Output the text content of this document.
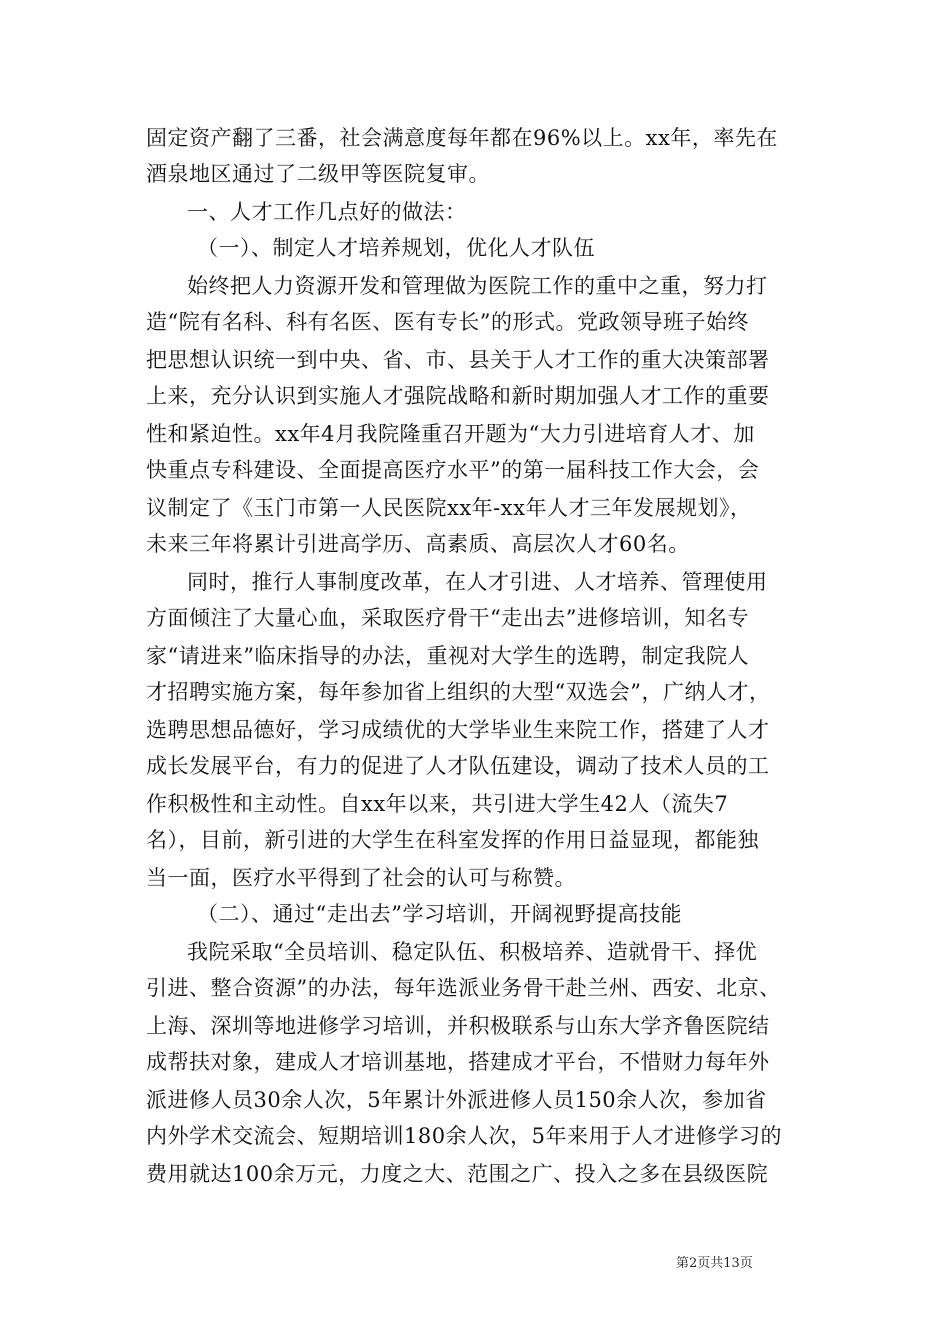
固定资产翻了三番，社会满意度每年都在96%以上。xx年，率先在
酒泉地区通过了二级甲等医院复审。
一、人才工作几点好的做法：
（一）、制定人才培养规划，优化人才队伍
始终把人力资源开发和管理做为医院工作的重中之重，努力打
造“院有名科、科有名医、医有专长”的形式。党政领导班子始终
把思想认识统一到中央、省、市、县关于人才工作的重大决策部署
上来，充分认识到实施人才强院战略和新时期加强人才工作的重要
性和紧迫性。xx年4月我院隆重召开题为“大力引进培育人才、加
快重点专科建设、全面提高医疗水平”的第一届科技工作大会，会
议制定了《玉门市第一人民医院xx年-xx年人才三年发展规划》，
未来三年将累计引进高学历、高素质、高层次人才60名。
同时，推行人事制度改革，在人才引进、人才培养、管理使用
方面倾注了大量心血，采取医疗骨干“走出去”进修培训，知名专
家“请进来”临床指导的办法，重视对大学生的选聘，制定我院人
才招聘实施方案，每年参加省上组织的大型“双选会”，广纳人才，
选聘思想品德好，学习成绩优的大学毕业生来院工作，搭建了人才
成长发展平台，有力的促进了人才队伍建设，调动了技术人员的工
作积极性和主动性。自xx年以来，共引进大学生42人（流失7
名），目前，新引进的大学生在科室发挥的作用日益显现，都能独
当一面，医疗水平得到了社会的认可与称赞。
（二）、通过“走出去”学习培训，开阔视野提高技能
我院采取“全员培训、稳定队伍、积极培养、造就骨干、择优
引进、整合资源”的办法，每年选派业务骨干赴兰州、西安、北京、
上海、深圳等地进修学习培训，并积极联系与山东大学齐鲁医院结
成帮扶对象，建成人才培训基地，搭建成才平台，不惜财力每年外
派进修人员30余人次，5年累计外派进修人员150余人次，参加省
内外学术交流会、短期培训180余人次，5年来用于人才进修学习的
费用就达100余万元，力度之大、范围之广、投入之多在县级医院
第2页共13页
